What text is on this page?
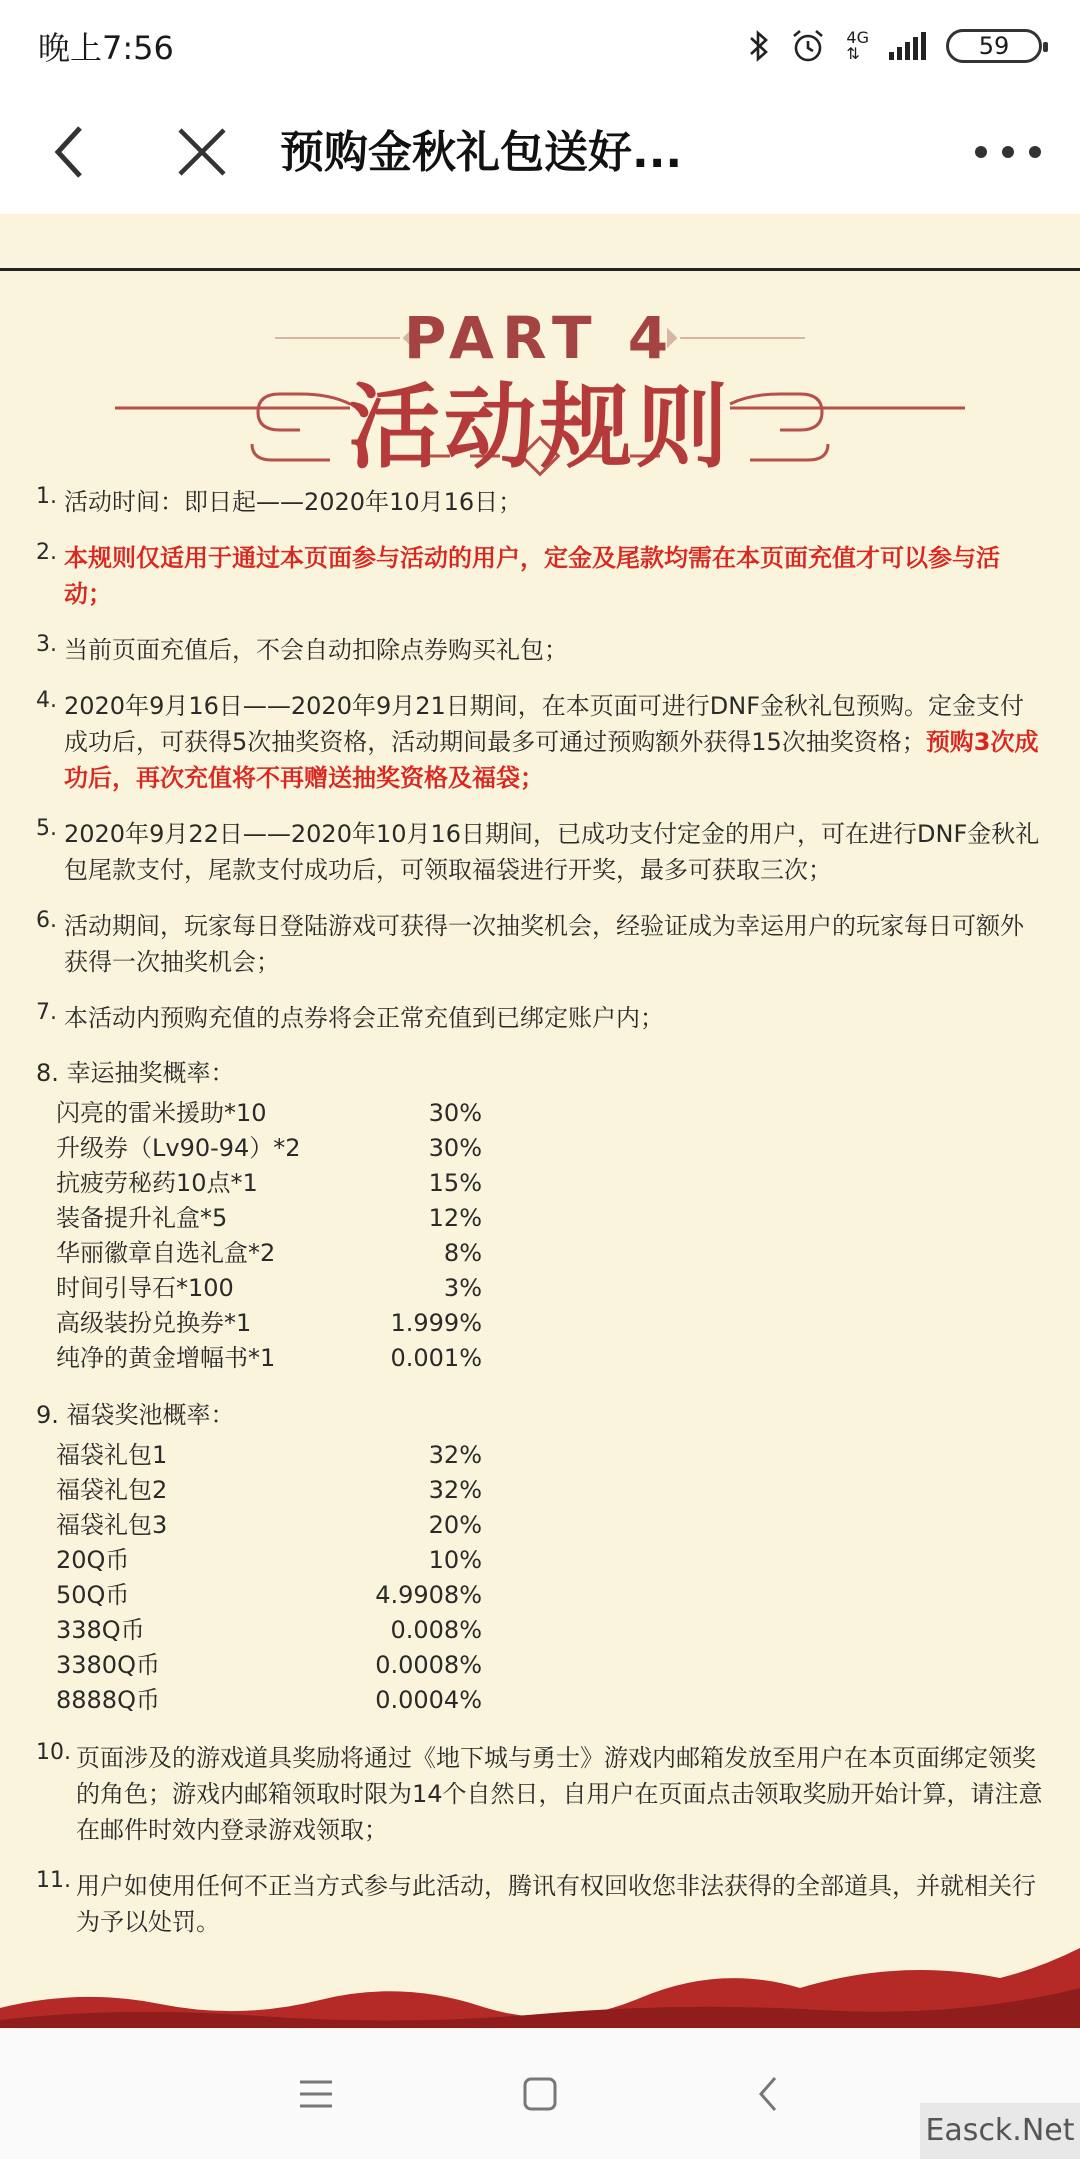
晚上7:56	4G
⇅	59
预购金秋礼包送好...
PART 4
活动规则
1. 活动时间：即日起——2020年10月16日；
2. 本规则仅适用于通过本页面参与活动的用户，定金及尾款均需在本页面充值才可以参与活动；
3. 当前页面充值后，不会自动扣除点券购买礼包；
4. 2020年9月16日——2020年9月21日期间，在本页面可进行DNF金秋礼包预购。定金支付成功后，可获得5次抽奖资格，活动期间最多可通过预购额外获得15次抽奖资格；预购3次成功后，再次充值将不再赠送抽奖资格及福袋；
5. 2020年9月22日——2020年10月16日期间，已成功支付定金的用户，可在进行DNF金秋礼包尾款支付，尾款支付成功后，可领取福袋进行开奖，最多可获取三次；
6. 活动期间，玩家每日登陆游戏可获得一次抽奖机会，经验证成为幸运用户的玩家每日可额外获得一次抽奖机会；
7. 本活动内预购充值的点券将会正常充值到已绑定账户内；
8. 幸运抽奖概率：
闪亮的雷米援助*10	30%
升级券（Lv90-94）*2	30%
抗疲劳秘药10点*1	15%
装备提升礼盒*5	12%
华丽徽章自选礼盒*2	8%
时间引导石*100	3%
高级装扮兑换券*1	1.999%
纯净的黄金增幅书*1	0.001%
9. 福袋奖池概率：
福袋礼包1	32%
福袋礼包2	32%
福袋礼包3	20%
20Q币	10%
50Q币	4.9908%
338Q币	0.008%
3380Q币	0.0008%
8888Q币	0.0004%
10. 页面涉及的游戏道具奖励将通过《地下城与勇士》游戏内邮箱发放至用户在本页面绑定领奖的角色；游戏内邮箱领取时限为14个自然日，自用户在页面点击领取奖励开始计算，请注意在邮件时效内登录游戏领取；
11. 用户如使用任何不正当方式参与此活动，腾讯有权回收您非法获得的全部道具，并就相关行为予以处罚。
Easck.Net
